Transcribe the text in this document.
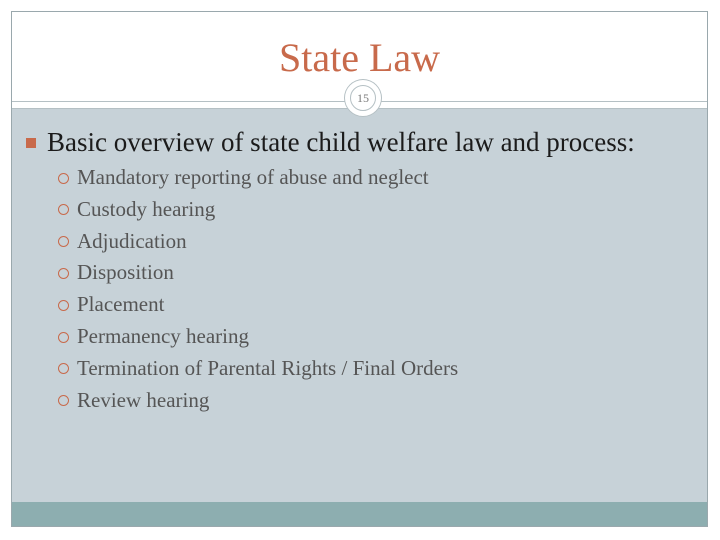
State Law
15
Basic overview of state child welfare law and process:
Mandatory reporting of abuse and neglect
Custody hearing
Adjudication
Disposition
Placement
Permanency hearing
Termination of Parental Rights / Final Orders
Review hearing
